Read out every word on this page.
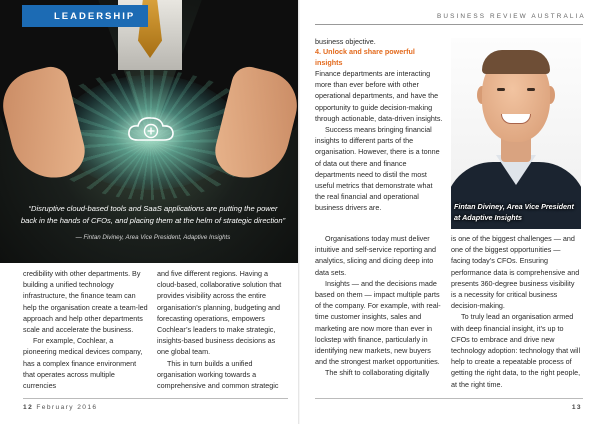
LEADERSHIP
“Disruptive cloud-based tools and SaaS applications are putting the power back in the hands of CFOs, and placing them at the helm of strategic direction”
— Fintan Diviney, Area Vice President, Adaptive Insights

credibility with other departments. By building a unified technology infrastructure, the finance team can help the organisation create a team-led approach and help other departments scale and accelerate the business.

For example, Cochlear, a pioneering medical devices company, has a complex finance environment that operates across multiple currencies

and five different regions. Having a cloud-based, collaborative solution that provides visibility across the entire organisation’s planning, budgeting and forecasting operations, empowers Cochlear’s leaders to make strategic, insights-based business decisions as one global team.

This in turn builds a unified organisation working towards a comprehensive and common strategic

12 February 2016
BUSINESS REVIEW AUSTRALIA

business objective.

4. Unlock and share powerful insights

Finance departments are interacting more than ever before with other operational departments, and have the opportunity to guide decision-making through actionable, data-driven insights.

Success means bringing financial insights to different parts of the organisation. However, there is a tonne of data out there and finance departments need to distil the most useful metrics that demonstrate what the real financial and operational business drivers are.

Organisations today must deliver intuitive and self-service reporting and analytics, slicing and dicing deep into data sets.

Insights — and the decisions made based on them — impact multiple parts of the company. For example, with real-time customer insights, sales and marketing are now more than ever in lockstep with finance, particularly in identifying new markets, new buyers and the strongest market opportunities.

The shift to collaborating digitally

Fintan Diviney, Area Vice President at Adaptive Insights

is one of the biggest challenges — and one of the biggest opportunities — facing today’s CFOs. Ensuring performance data is comprehensive and presents 360-degree business visibility is a necessity for critical business decision-making.

To truly lead an organisation armed with deep financial insight, it’s up to CFOs to embrace and drive new technology adoption: technology that will help to create a repeatable process of getting the right data, to the right people, at the right time.

13
